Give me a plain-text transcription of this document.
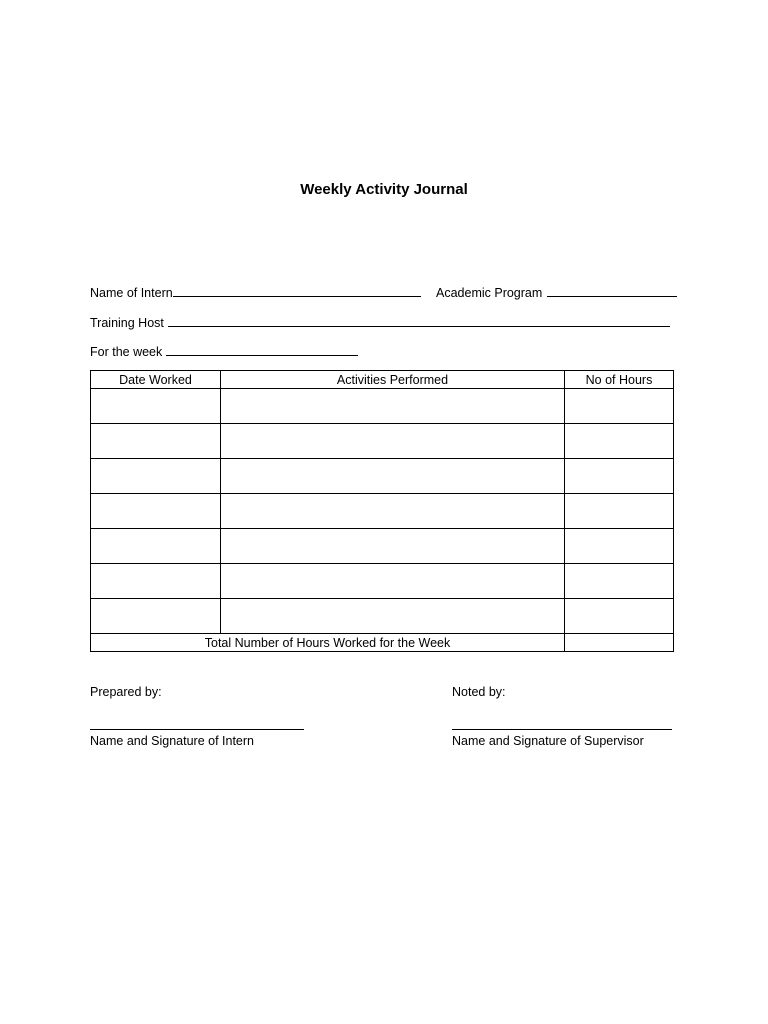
Weekly Activity Journal
Name of Intern	Academic Program
Training Host
For the week
Date Worked	Activities Performed	No of Hours

Total Number of Hours Worked for the Week		
Prepared by:
Name and Signature of Intern
Noted by:
Name and Signature of Supervisor
